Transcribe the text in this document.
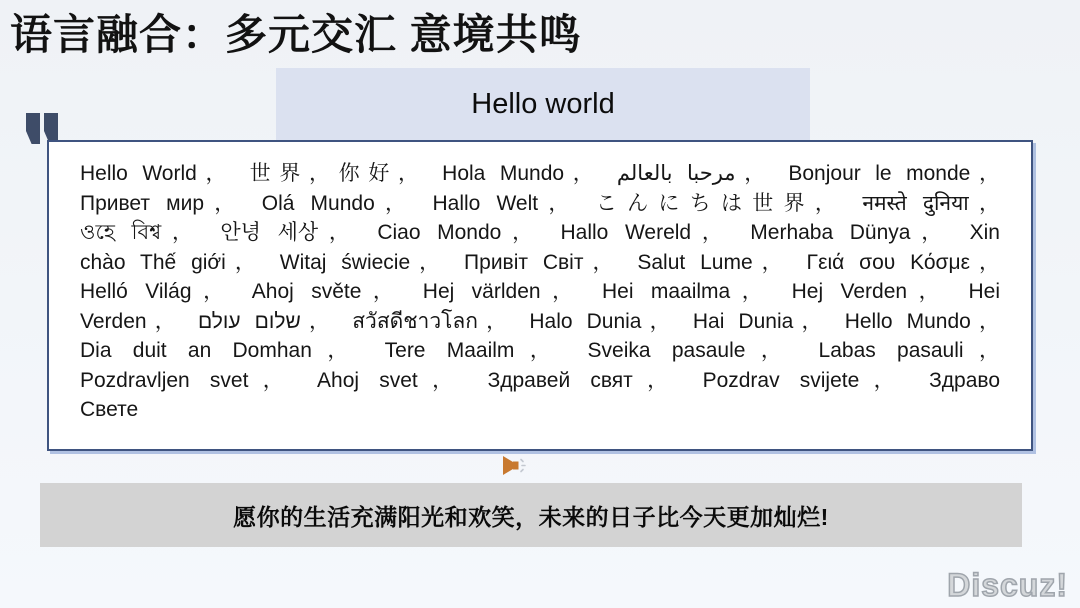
语言融合：多元交汇 意境共鸣
Hello world
Hello World， 世界，你好， Hola Mundo， مرحبا بالعالم， Bonjour le monde，
Привет мир， Olá Mundo， Hallo Welt， こんにちは世界， नमस्ते दुनिया，
ওহে বিশ্ব， 안녕 세상， Ciao Mondo， Hallo Wereld， Merhaba Dünya， Xin
chào Thế giới， Witaj świecie， Привіт Світ， Salut Lume， Γειά σου Κόσμε，
Helló Világ， Ahoj světe， Hej världen， Hei maailma， Hej Verden， Hei
Verden， שלום עולם， สวัสดีชาวโลก， Halo Dunia， Hai Dunia， Hello Mundo，
Dia duit an Domhan， Tere Maailm， Sveika pasaule， Labas pasauli，
Pozdravljen svet， Ahoj svet， Здравей свят， Pozdrav svijete， Здраво
Свете
愿你的生活充满阳光和欢笑，未来的日子比今天更加灿烂!
Discuz!
